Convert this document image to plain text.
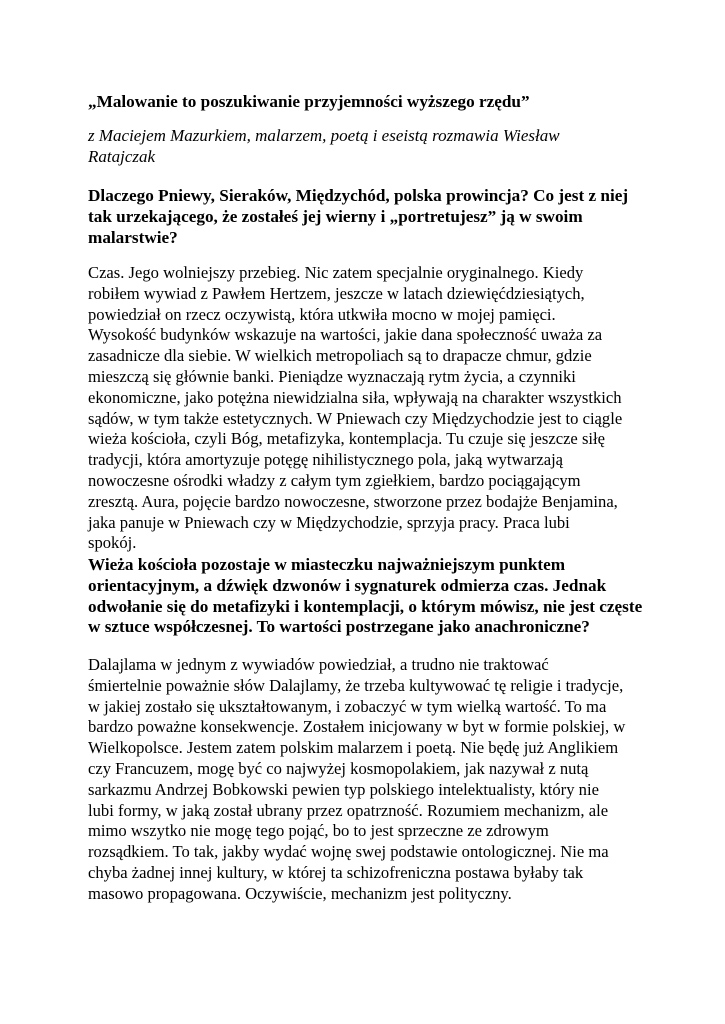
„Malowanie to poszukiwanie przyjemności wyższego rzędu”
z Maciejem Mazurkiem, malarzem, poetą i eseistą rozmawia Wiesław
Ratajczak
Dlaczego Pniewy, Sieraków, Międzychód, polska prowincja? Co jest z niej
tak urzekającego, że zostałeś jej wierny i „portretujesz” ją w swoim
malarstwie?
Czas. Jego wolniejszy przebieg. Nic zatem specjalnie oryginalnego. Kiedy
robiłem wywiad z Pawłem Hertzem, jeszcze w latach dziewięćdziesiątych,
powiedział on rzecz oczywistą, która utkwiła mocno w mojej pamięci.
Wysokość budynków wskazuje na wartości, jakie dana społeczność uważa za
zasadnicze dla siebie. W wielkich metropoliach są to drapacze chmur, gdzie
mieszczą się głównie banki. Pieniądze wyznaczają rytm życia, a czynniki
ekonomiczne, jako potężna niewidzialna siła, wpływają na charakter wszystkich
sądów, w tym także estetycznych. W Pniewach czy Międzychodzie jest to ciągle
wieża kościoła, czyli Bóg, metafizyka, kontemplacja. Tu czuje się jeszcze siłę
tradycji, która amortyzuje potęgę nihilistycznego pola, jaką wytwarzają
nowoczesne ośrodki władzy z całym tym zgiełkiem, bardzo pociągającym
zresztą. Aura, pojęcie bardzo nowoczesne, stworzone przez bodajże Benjamina,
jaka panuje w Pniewach czy w Międzychodzie, sprzyja pracy. Praca lubi
spokój.
Wieża kościoła pozostaje w miasteczku najważniejszym punktem
orientacyjnym, a dźwięk dzwonów i sygnaturek odmierza czas. Jednak
odwołanie się do metafizyki i kontemplacji, o którym mówisz, nie jest częste
w sztuce współczesnej. To wartości postrzegane jako anachroniczne?
Dalajlama w jednym z wywiadów powiedział, a trudno nie traktować
śmiertelnie poważnie słów Dalajlamy, że trzeba kultywować tę religie i tradycje,
w jakiej zostało się ukształtowanym, i zobaczyć w tym wielką wartość. To ma
bardzo poważne konsekwencje. Zostałem inicjowany w byt w formie polskiej, w
Wielkopolsce. Jestem zatem polskim malarzem i poetą. Nie będę już Anglikiem
czy Francuzem, mogę być co najwyżej kosmopolakiem, jak nazywał z nutą
sarkazmu Andrzej Bobkowski pewien typ polskiego intelektualisty, który nie
lubi formy, w jaką został ubrany przez opatrzność. Rozumiem mechanizm, ale
mimo wszytko nie mogę tego pojąć, bo to jest sprzeczne ze zdrowym
rozsądkiem. To tak, jakby wydać wojnę swej podstawie ontologicznej. Nie ma
chyba żadnej innej kultury, w której ta schizofreniczna postawa byłaby tak
masowo propagowana. Oczywiście, mechanizm jest polityczny.
